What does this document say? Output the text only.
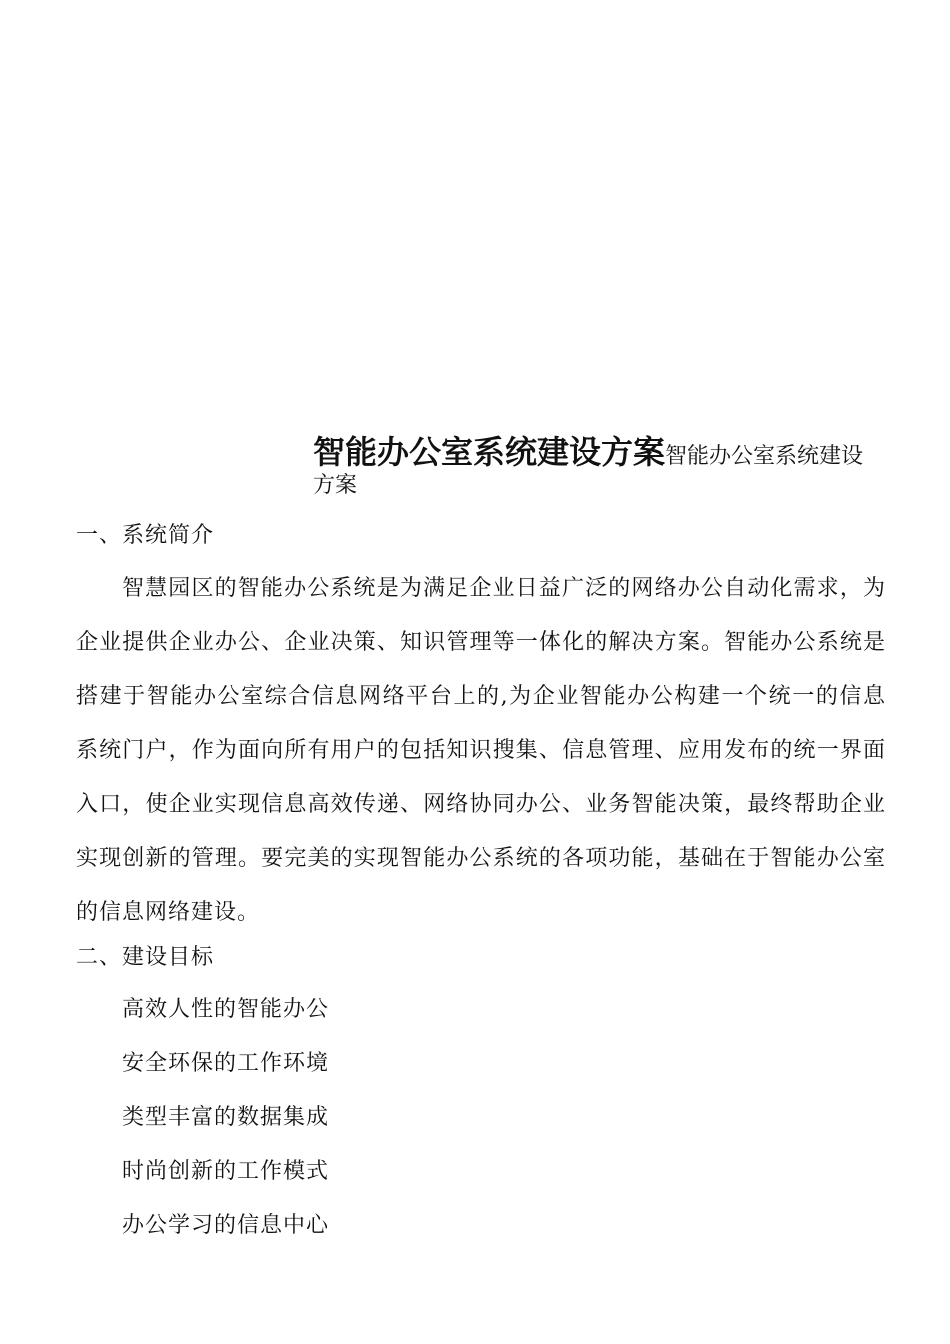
智能办公室系统建设方案智能办公室系统建设方案
一、系统简介
智慧园区的智能办公系统是为满足企业日益广泛的网络办公自动化需求，为企业提供企业办公、企业决策、知识管理等一体化的解决方案。智能办公系统是搭建于智能办公室综合信息网络平台上的,为企业智能办公构建一个统一的信息系统门户，作为面向所有用户的包括知识搜集、信息管理、应用发布的统一界面入口，使企业实现信息高效传递、网络协同办公、业务智能决策，最终帮助企业实现创新的管理。要完美的实现智能办公系统的各项功能，基础在于智能办公室的信息网络建设。
二、建设目标
高效人性的智能办公
安全环保的工作环境
类型丰富的数据集成
时尚创新的工作模式
办公学习的信息中心
